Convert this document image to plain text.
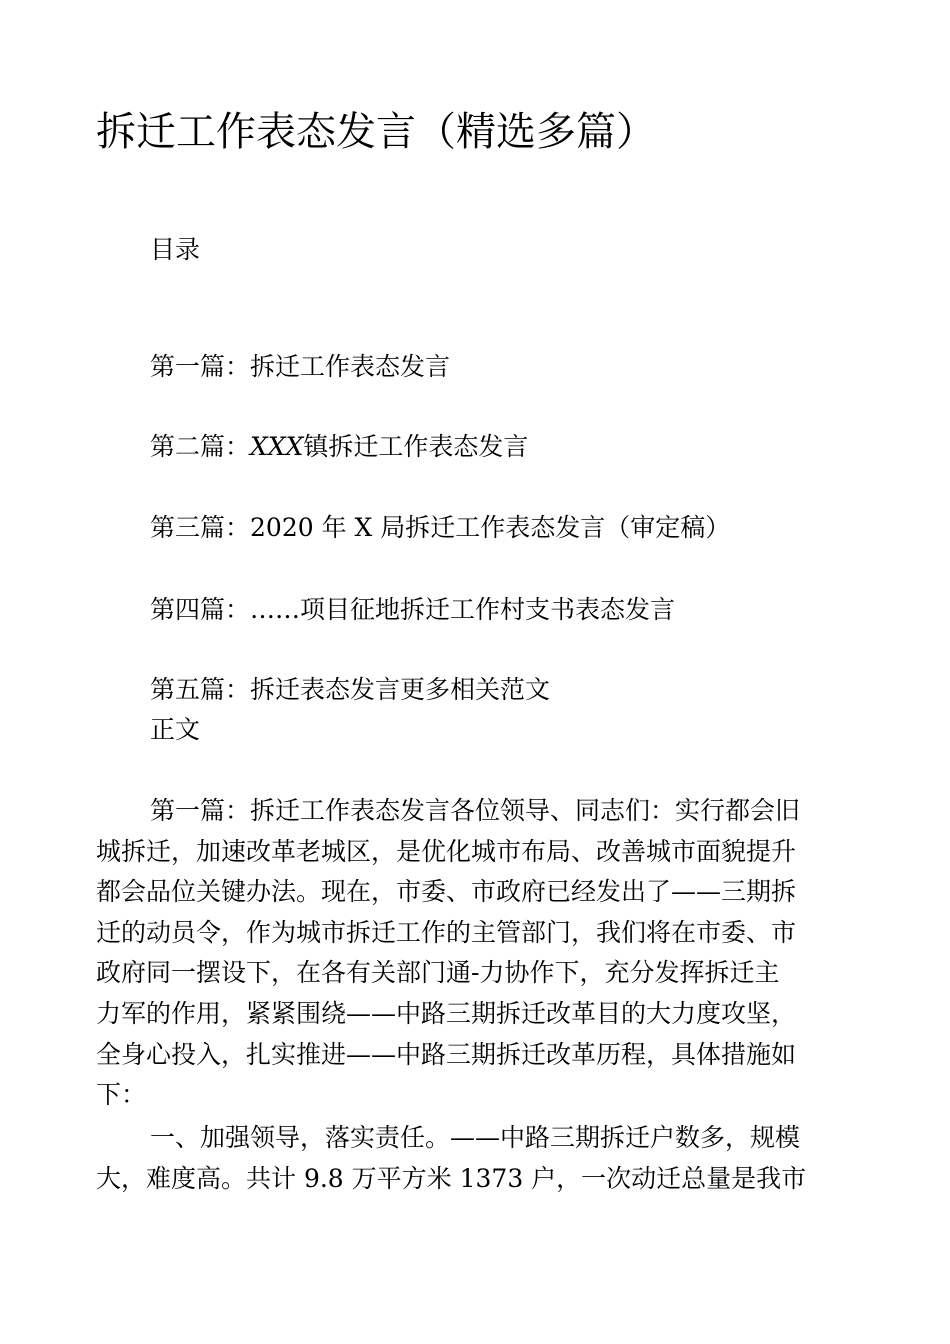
拆迁工作表态发言（精选多篇）
目录
第一篇：拆迁工作表态发言
第二篇：XXX镇拆迁工作表态发言
第三篇：2020 年 X 局拆迁工作表态发言（审定稿）
第四篇：……项目征地拆迁工作村支书表态发言
第五篇：拆迁表态发言更多相关范文
正文
第一篇：拆迁工作表态发言各位领导、同志们：实行都会旧
城拆迁，加速改革老城区，是优化城市布局、改善城市面貌提升
都会品位关键办法。现在，市委、市政府已经发出了——三期拆
迁的动员令，作为城市拆迁工作的主管部门，我们将在市委、市
政府同一摆设下，在各有关部门通-力协作下，充分发挥拆迁主
力军的作用，紧紧围绕——中路三期拆迁改革目的大力度攻坚，
全身心投入，扎实推进——中路三期拆迁改革历程，具体措施如
下：
一、加强领导，落实责任。——中路三期拆迁户数多，规模
大，难度高。共计 9.8 万平方米 1373 户，一次动迁总量是我市
